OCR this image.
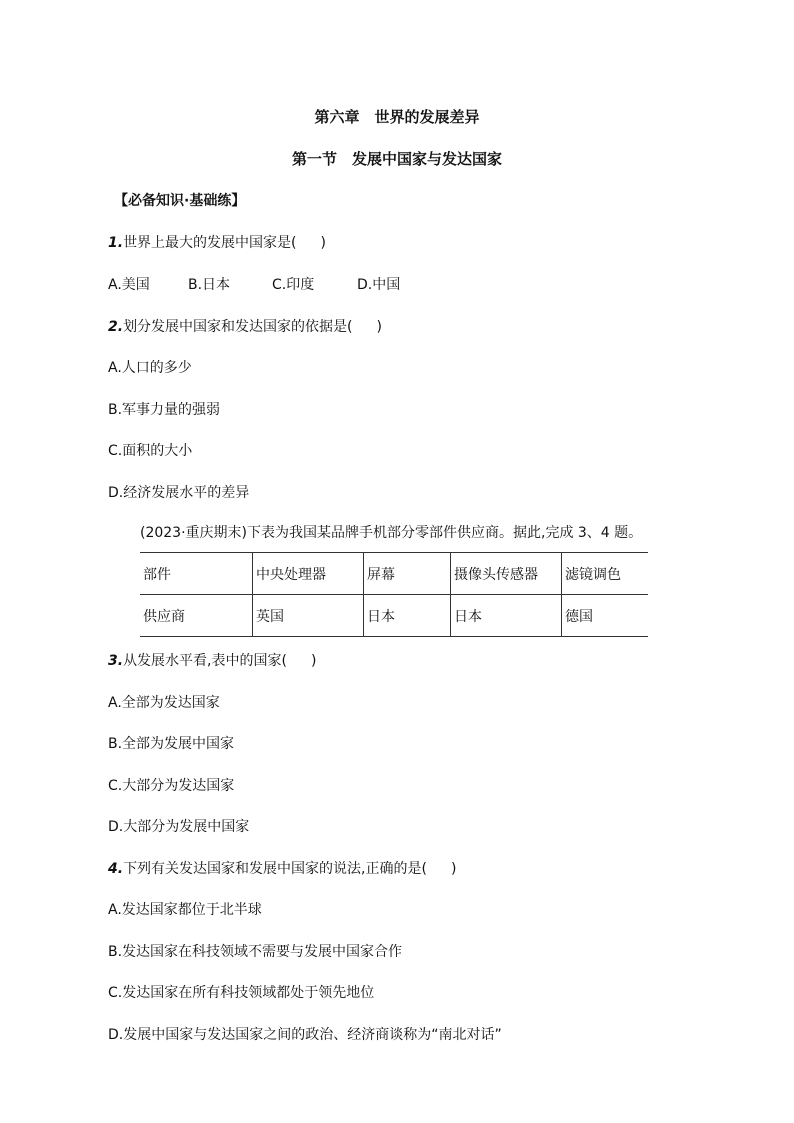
第六章　世界的发展差异
第一节　发展中国家与发达国家
【必备知识·基础练】
1.世界上最大的发展中国家是( )
A.美国	B.日本	C.印度	D.中国
2.划分发展中国家和发达国家的依据是( )
A.人口的多少
B.军事力量的强弱
C.面积的大小
D.经济发展水平的差异
(2023·重庆期末)下表为我国某品牌手机部分零部件供应商。据此,完成 3、4 题。
部件	中央处理器	屏幕	摄像头传感器	滤镜调色
供应商	英国	日本	日本	德国
3.从发展水平看,表中的国家( )
A.全部为发达国家
B.全部为发展中国家
C.大部分为发达国家
D.大部分为发展中国家
4.下列有关发达国家和发展中国家的说法,正确的是( )
A.发达国家都位于北半球
B.发达国家在科技领域不需要与发展中国家合作
C.发达国家在所有科技领域都处于领先地位
D.发展中国家与发达国家之间的政治、经济商谈称为“南北对话”
